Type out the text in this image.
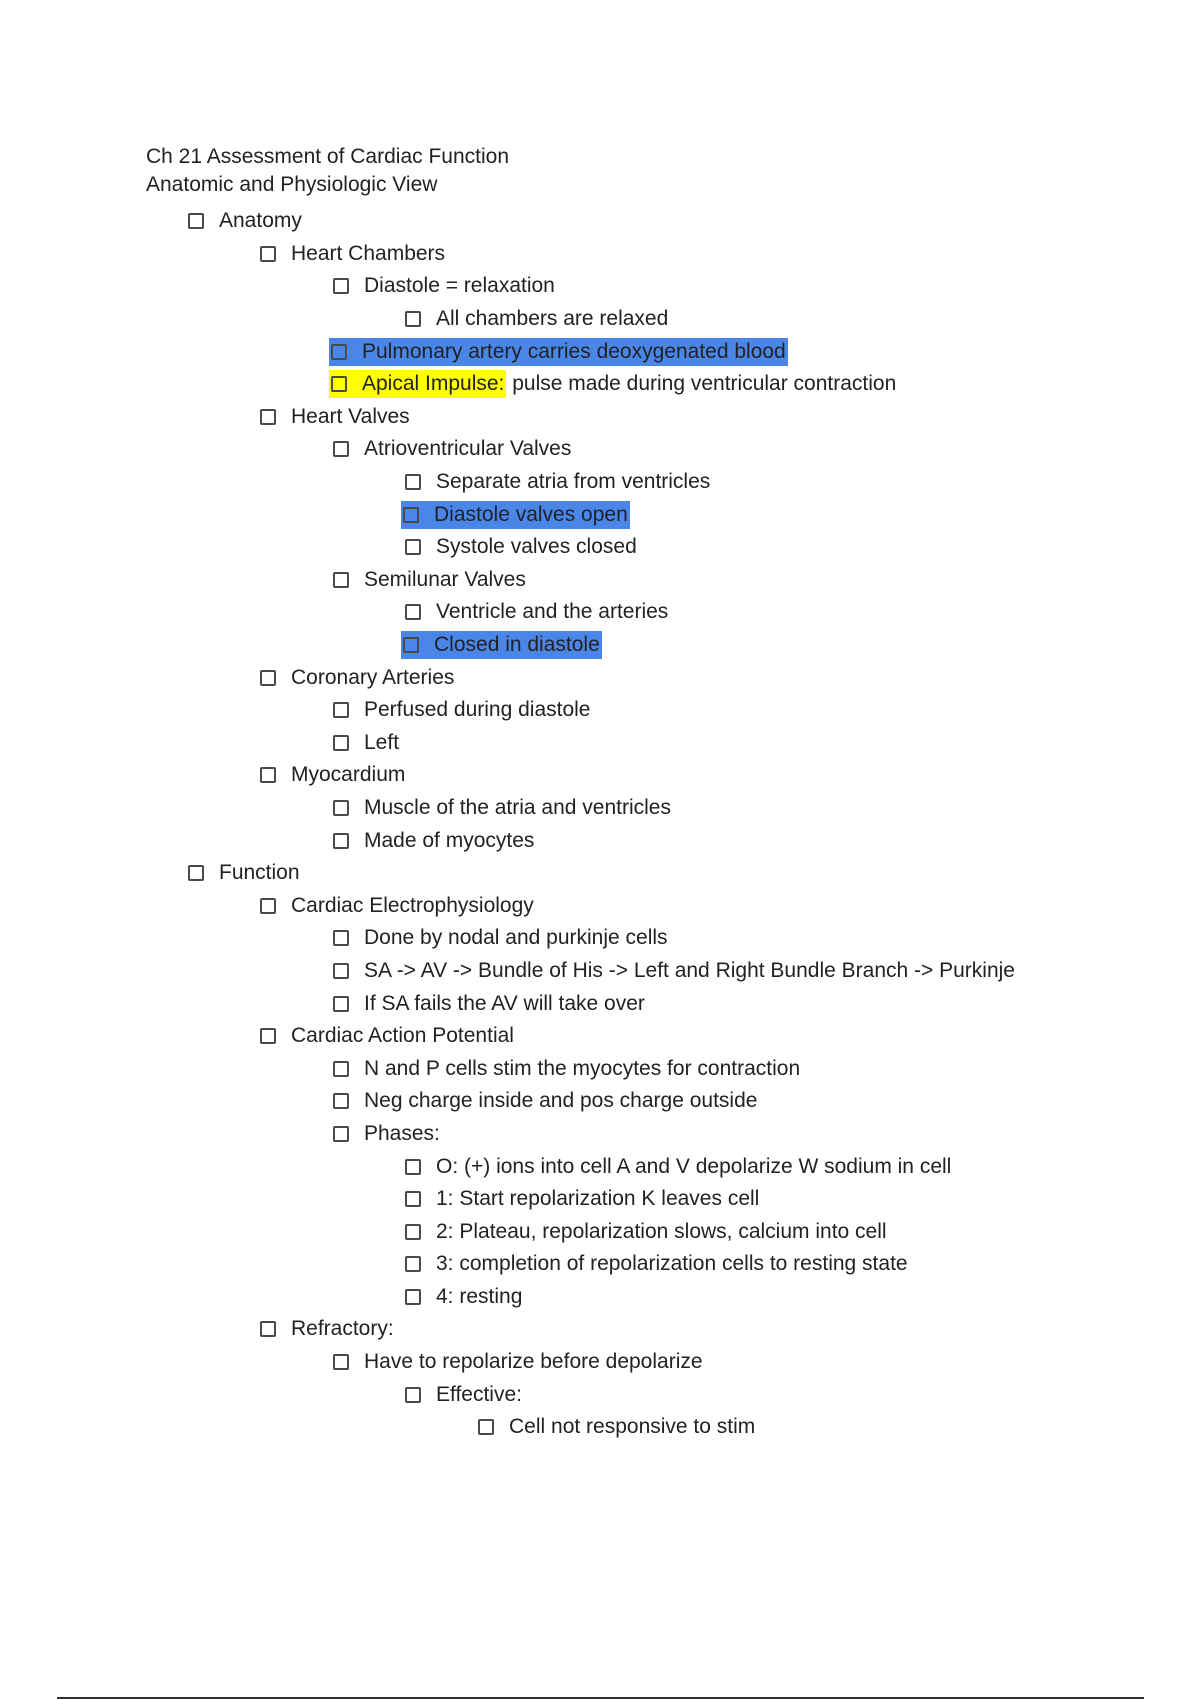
Ch 21 Assessment of Cardiac Function
Anatomic and Physiologic View
Anatomy
Heart Chambers
Diastole = relaxation
All chambers are relaxed
Pulmonary artery carries deoxygenated blood
Apical Impulse: pulse made during ventricular contraction
Heart Valves
Atrioventricular Valves
Separate atria from ventricles
Diastole valves open
Systole valves closed
Semilunar Valves
Ventricle and the arteries
Closed in diastole
Coronary Arteries
Perfused during diastole
Left
Myocardium
Muscle of the atria and ventricles
Made of myocytes
Function
Cardiac Electrophysiology
Done by nodal and purkinje cells
SA -> AV -> Bundle of His -> Left and Right Bundle Branch -> Purkinje
If SA fails the AV will take over
Cardiac Action Potential
N and P cells stim the myocytes for contraction
Neg charge inside and pos charge outside
Phases:
O: (+) ions into cell A and V depolarize W sodium in cell
1: Start repolarization K leaves cell
2: Plateau, repolarization slows, calcium into cell
3: completion of repolarization cells to resting state
4: resting
Refractory:
Have to repolarize before depolarize
Effective:
Cell not responsive to stim
